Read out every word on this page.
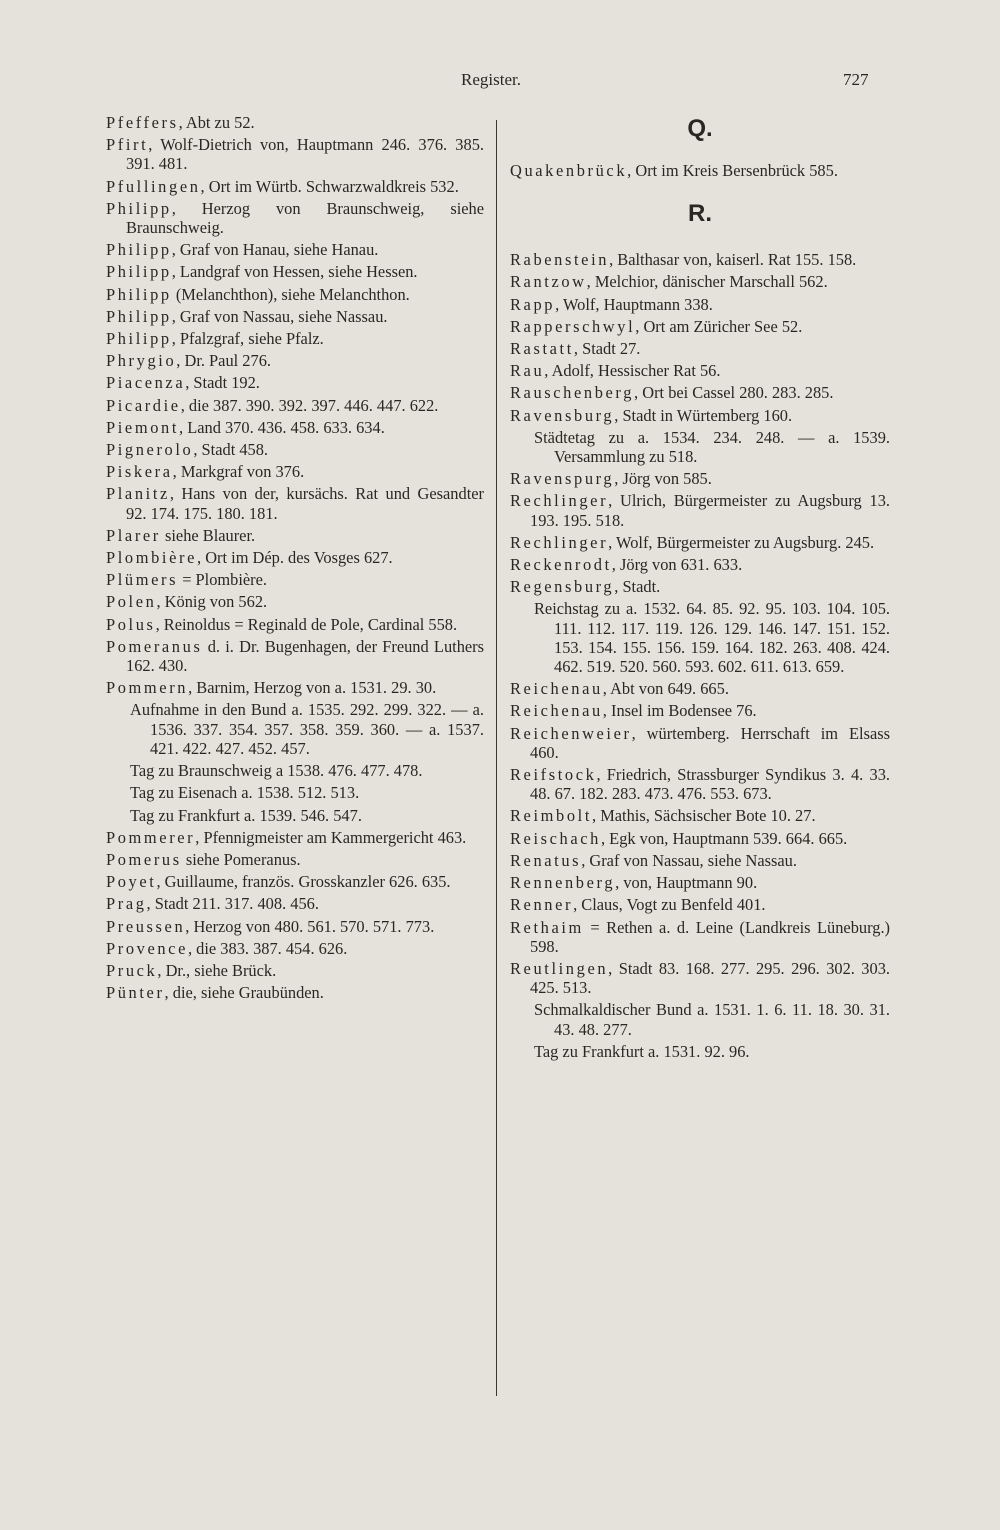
Register.	727
Pfeffers, Abt zu 52.
Pfirt, Wolf-Dietrich von, Hauptmann 246. 376. 385. 391. 481.
Pfullingen, Ort im Würtb. Schwarzwaldkreis 532.
Philipp, Herzog von Braunschweig, siehe Braunschweig.
Philipp, Graf von Hanau, siehe Hanau.
Philipp, Landgraf von Hessen, siehe Hessen.
Philipp (Melanchthon), siehe Melanchthon.
Philipp, Graf von Nassau, siehe Nassau.
Philipp, Pfalzgraf, siehe Pfalz.
Phrygio, Dr. Paul 276.
Piacenza, Stadt 192.
Picardie, die 387. 390. 392. 397. 446. 447. 622.
Piemont, Land 370. 436. 458. 633. 634.
Pignerolo, Stadt 458.
Piskera, Markgraf von 376.
Planitz, Hans von der, kursächs. Rat und Gesandter 92. 174. 175. 180. 181.
Plarer siehe Blaurer.
Plombière, Ort im Dép. des Vosges 627.
Plümers = Plombière.
Polen, König von 562.
Polus, Reinoldus = Reginald de Pole, Cardinal 558.
Pomeranus d. i. Dr. Bugenhagen, der Freund Luthers 162. 430.
Pommern, Barnim, Herzog von a. 1531. 29. 30.
Aufnahme in den Bund a. 1535. 292. 299. 322. — a. 1536. 337. 354. 357. 358. 359. 360. — a. 1537. 421. 422. 427. 452. 457.
Tag zu Braunschweig a 1538. 476. 477. 478.
Tag zu Eisenach a. 1538. 512. 513.
Tag zu Frankfurt a. 1539. 546. 547.
Pommerer, Pfennigmeister am Kammergericht 463.
Pomerus siehe Pomeranus.
Poyet, Guillaume, französ. Grosskanzler 626. 635.
Prag, Stadt 211. 317. 408. 456.
Preussen, Herzog von 480. 561. 570. 571. 773.
Provence, die 383. 387. 454. 626.
Pruck, Dr., siehe Brück.
Pünter, die, siehe Graubünden.
Q.
Quakenbrück, Ort im Kreis Bersenbrück 585.
R.
Rabenstein, Balthasar von, kaiserl. Rat 155. 158.
Rantzow, Melchior, dänischer Marschall 562.
Rapp, Wolf, Hauptmann 338.
Rapperschwyl, Ort am Züricher See 52.
Rastatt, Stadt 27.
Rau, Adolf, Hessischer Rat 56.
Rauschenberg, Ort bei Cassel 280. 283. 285.
Ravensburg, Stadt in Würtemberg 160.
Städtetag zu a. 1534. 234. 248. — a. 1539. Versammlung zu 518.
Ravenspurg, Jörg von 585.
Rechlinger, Ulrich, Bürgermeister zu Augsburg 13. 193. 195. 518.
Rechlinger, Wolf, Bürgermeister zu Augsburg. 245.
Reckenrodt, Jörg von 631. 633.
Regensburg, Stadt.
Reichstag zu a. 1532. 64. 85. 92. 95. 103. 104. 105. 111. 112. 117. 119. 126. 129. 146. 147. 151. 152. 153. 154. 155. 156. 159. 164. 182. 263. 408. 424. 462. 519. 520. 560. 593. 602. 611. 613. 659.
Reichenau, Abt von 649. 665.
Reichenau, Insel im Bodensee 76.
Reichenweier, würtemberg. Herrschaft im Elsass 460.
Reifstock, Friedrich, Strassburger Syndikus 3. 4. 33. 48. 67. 182. 283. 473. 476. 553. 673.
Reimbolt, Mathis, Sächsischer Bote 10. 27.
Reischach, Egk von, Hauptmann 539. 664. 665.
Renatus, Graf von Nassau, siehe Nassau.
Rennenberg, von, Hauptmann 90.
Renner, Claus, Vogt zu Benfeld 401.
Rethaim = Rethen a. d. Leine (Landkreis Lüneburg.) 598.
Reutlingen, Stadt 83. 168. 277. 295. 296. 302. 303. 425. 513.
Schmalkaldischer Bund a. 1531. 1. 6. 11. 18. 30. 31. 43. 48. 277.
Tag zu Frankfurt a. 1531. 92. 96.
